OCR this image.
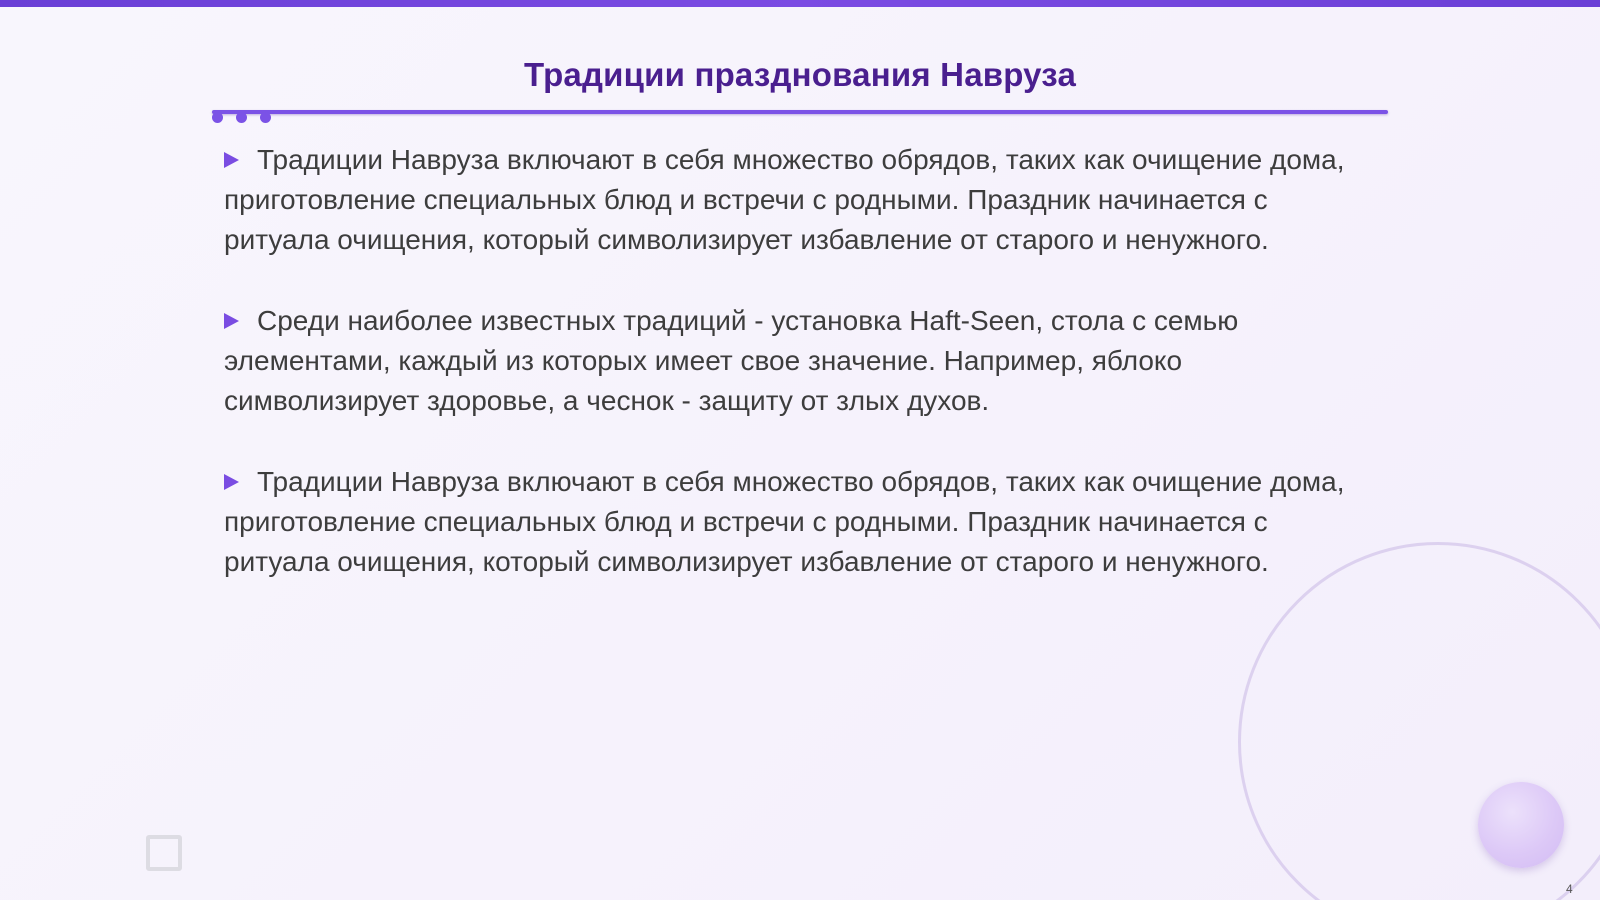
Традиции празднования Навруза

Традиции Навруза включают в себя множество обрядов, таких как очищение дома, приготовление специальных блюд и встречи с родными. Праздник начинается с ритуала очищения, который символизирует избавление от старого и ненужного.

Среди наиболее известных традиций - установка Haft-Seen, стола с семью элементами, каждый из которых имеет свое значение. Например, яблоко символизирует здоровье, а чеснок - защиту от злых духов.

Традиции Навруза включают в себя множество обрядов, таких как очищение дома, приготовление специальных блюд и встречи с родными. Праздник начинается с ритуала очищения, который символизирует избавление от старого и ненужного.

4
